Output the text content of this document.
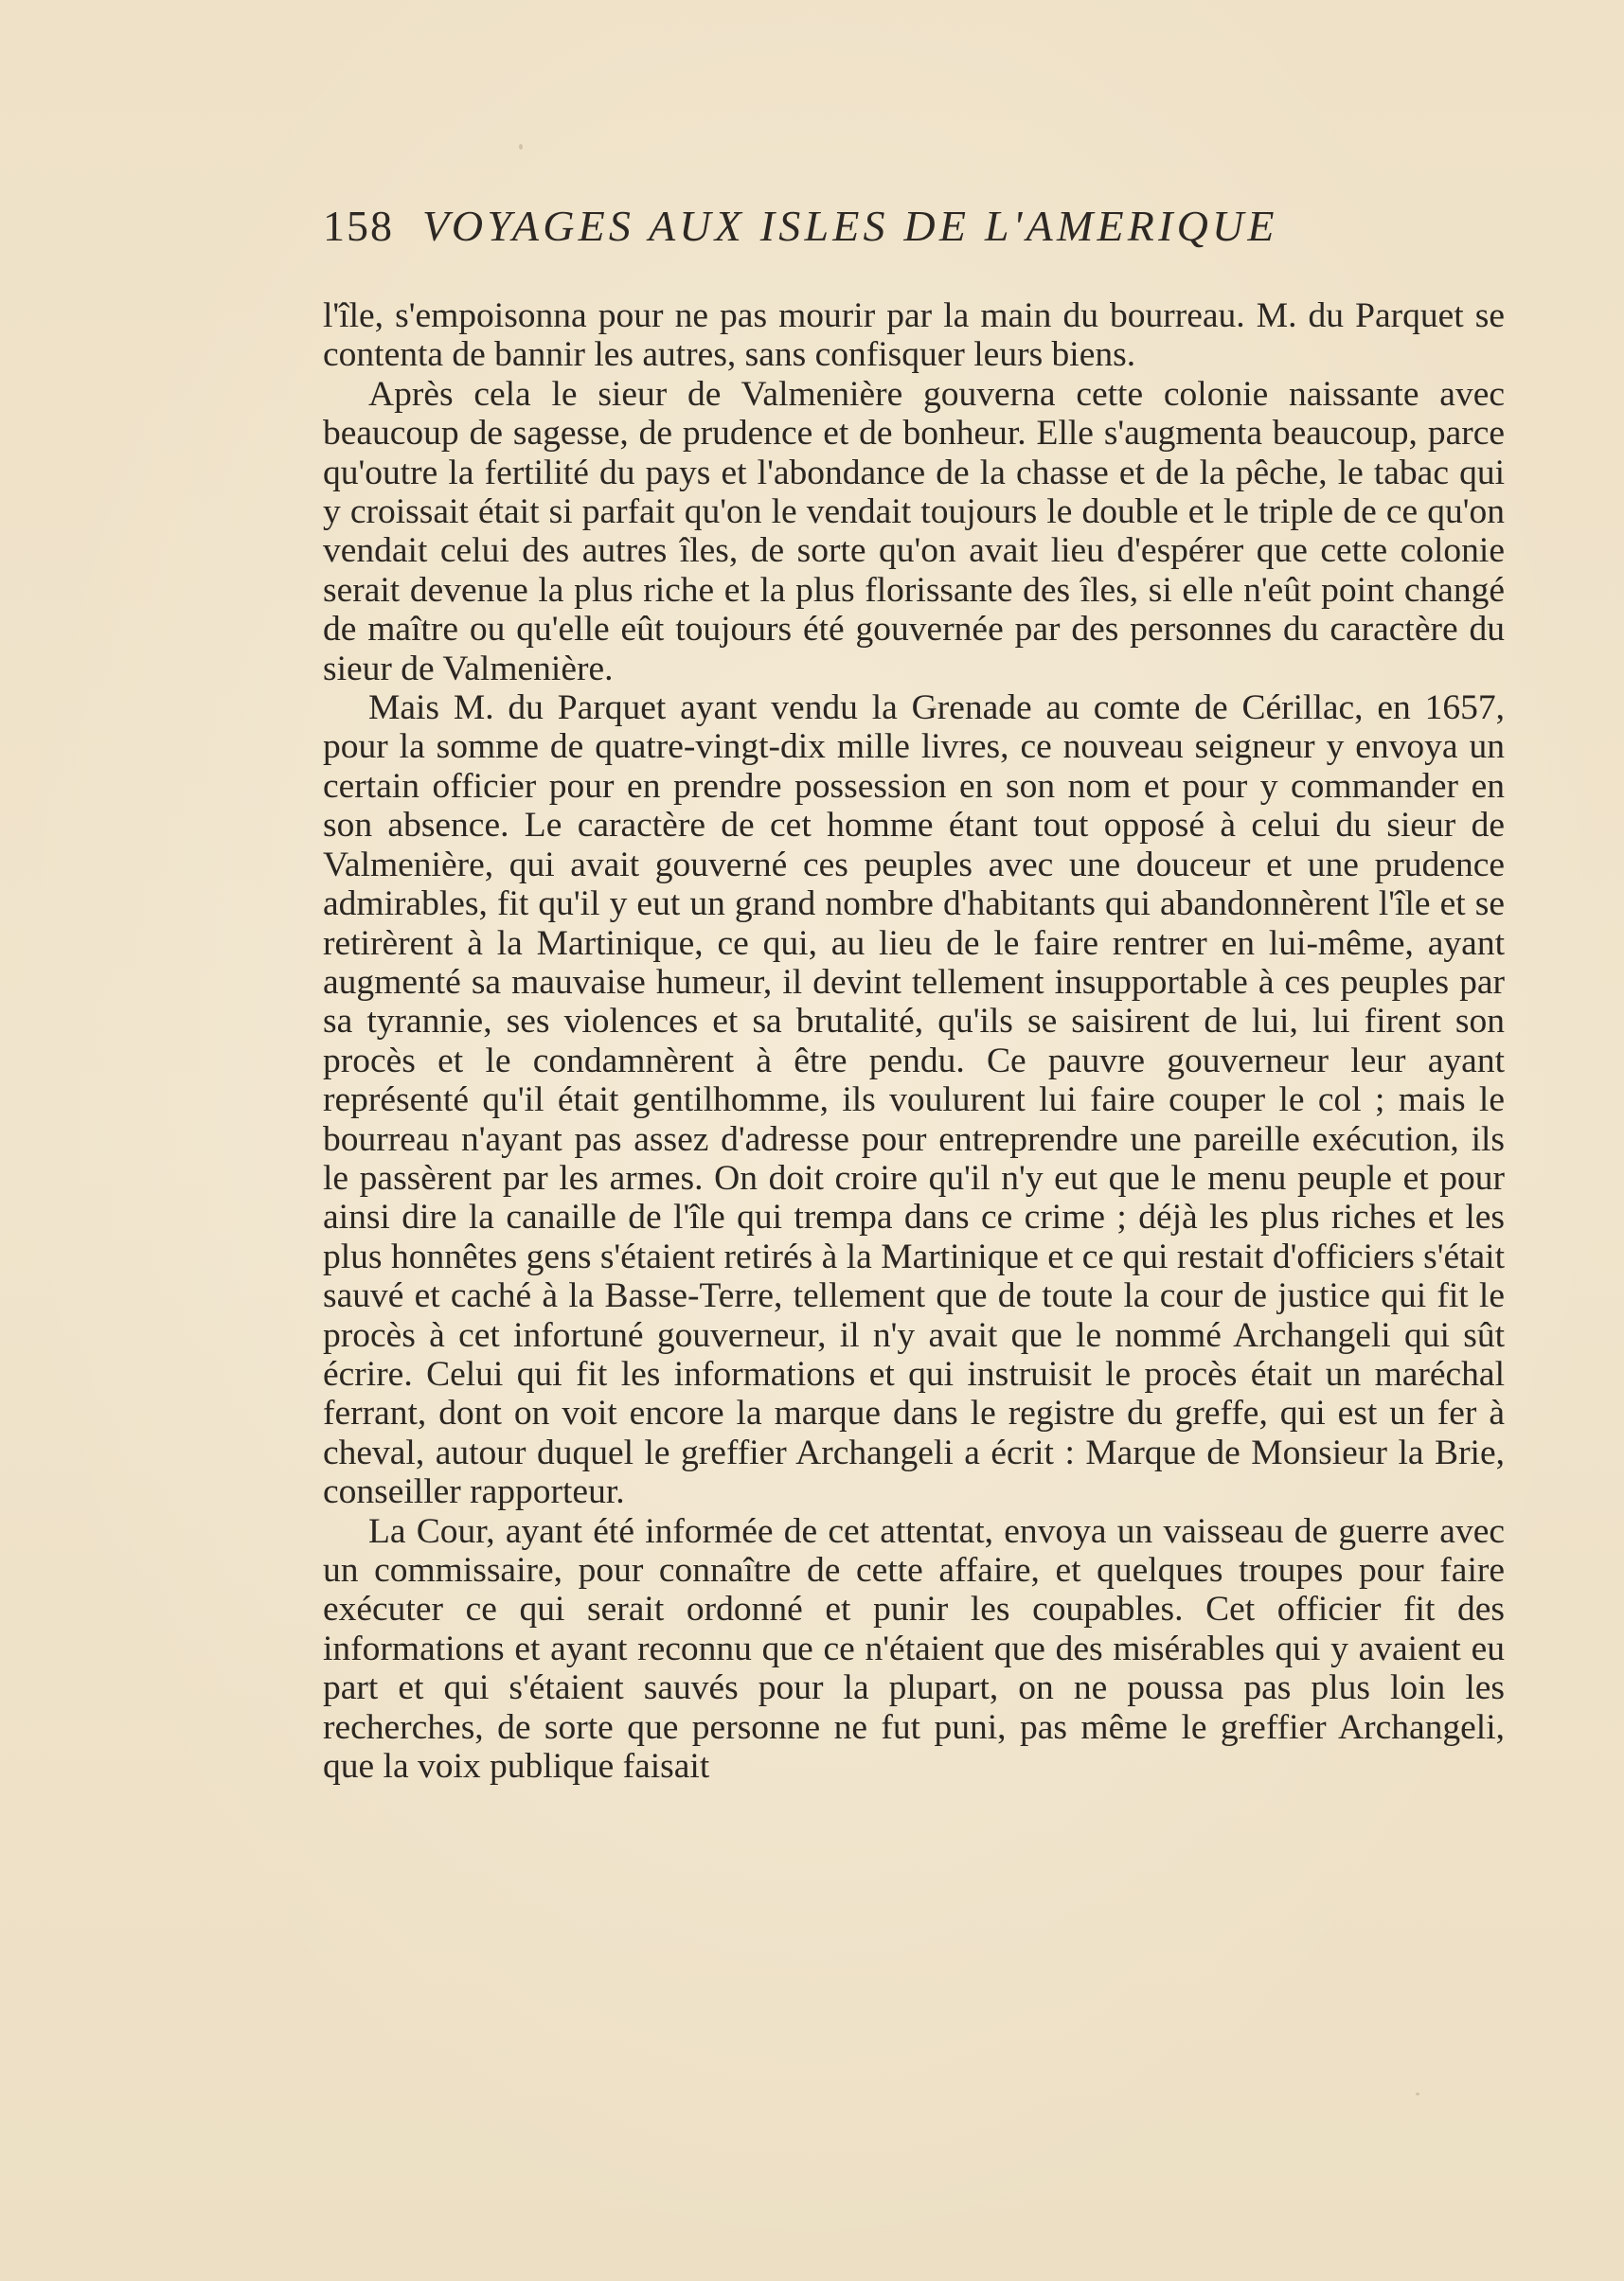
158 VOYAGES AUX ISLES DE L'AMERIQUE

l'île, s'empoisonna pour ne pas mourir par la main du bourreau. M. du Parquet se contenta de bannir les autres, sans confisquer leurs biens.

Après cela le sieur de Valmenière gouverna cette colonie naissante avec beaucoup de sagesse, de prudence et de bonheur. Elle s'augmenta beaucoup, parce qu'outre la fertilité du pays et l'abondance de la chasse et de la pêche, le tabac qui y croissait était si parfait qu'on le vendait toujours le double et le triple de ce qu'on vendait celui des autres îles, de sorte qu'on avait lieu d'espérer que cette colonie serait devenue la plus riche et la plus florissante des îles, si elle n'eût point changé de maître ou qu'elle eût toujours été gouvernée par des personnes du caractère du sieur de Valmenière.

Mais M. du Parquet ayant vendu la Grenade au comte de Cérillac, en 1657, pour la somme de quatre-vingt-dix mille livres, ce nouveau seigneur y envoya un certain officier pour en prendre possession en son nom et pour y commander en son absence. Le caractère de cet homme étant tout opposé à celui du sieur de Valmenière, qui avait gouverné ces peuples avec une douceur et une prudence admirables, fit qu'il y eut un grand nombre d'habitants qui abandonnèrent l'île et se retirèrent à la Martinique, ce qui, au lieu de le faire rentrer en lui-même, ayant augmenté sa mauvaise humeur, il devint tellement insupportable à ces peuples par sa tyrannie, ses violences et sa brutalité, qu'ils se saisirent de lui, lui firent son procès et le condamnèrent à être pendu. Ce pauvre gouverneur leur ayant représenté qu'il était gentilhomme, ils voulurent lui faire couper le col ; mais le bourreau n'ayant pas assez d'adresse pour entreprendre une pareille exécution, ils le passèrent par les armes. On doit croire qu'il n'y eut que le menu peuple et pour ainsi dire la canaille de l'île qui trempa dans ce crime ; déjà les plus riches et les plus honnêtes gens s'étaient retirés à la Martinique et ce qui restait d'officiers s'était sauvé et caché à la Basse-Terre, tellement que de toute la cour de justice qui fit le procès à cet infortuné gouverneur, il n'y avait que le nommé Archangeli qui sût écrire. Celui qui fit les informations et qui instruisit le procès était un maréchal ferrant, dont on voit encore la marque dans le registre du greffe, qui est un fer à cheval, autour duquel le greffier Archangeli a écrit : Marque de Monsieur la Brie, conseiller rapporteur.

La Cour, ayant été informée de cet attentat, envoya un vaisseau de guerre avec un commissaire, pour connaître de cette affaire, et quelques troupes pour faire exécuter ce qui serait ordonné et punir les coupables. Cet officier fit des informations et ayant reconnu que ce n'étaient que des misérables qui y avaient eu part et qui s'étaient sauvés pour la plupart, on ne poussa pas plus loin les recherches, de sorte que personne ne fut puni, pas même le greffier Archangeli, que la voix publique faisait
